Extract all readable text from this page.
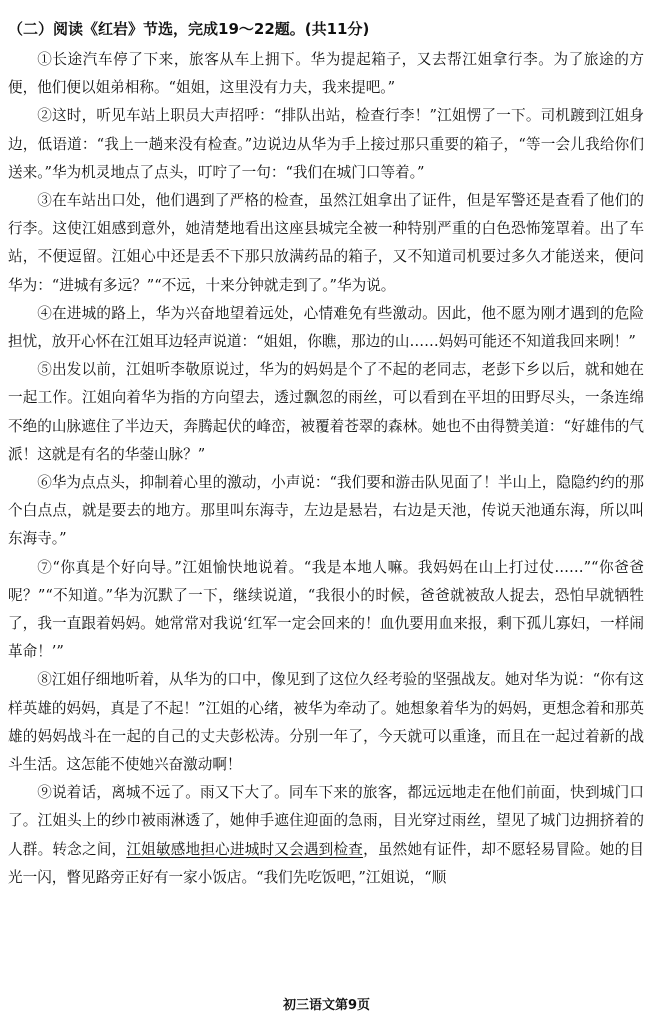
（二）阅读《红岩》节选，完成19～22题。(共11分)

①长途汽车停了下来，旅客从车上拥下。华为提起箱子，又去帮江姐拿行李。为了旅途的方便，他们便以姐弟相称。“姐姐，这里没有力夫，我来提吧。”

②这时，听见车站上职员大声招呼：“排队出站，检查行李！”江姐愣了一下。司机踱到江姐身边，低语道：“我上一趟来没有检查。”边说边从华为手上接过那只重要的箱子，“等一会儿我给你们送来。”华为机灵地点了点头，叮咛了一句：“我们在城门口等着。”

③在车站出口处，他们遇到了严格的检查，虽然江姐拿出了证件，但是军警还是查看了他们的行李。这使江姐感到意外，她清楚地看出这座县城完全被一种特别严重的白色恐怖笼罩着。出了车站，不便逗留。江姐心中还是丢不下那只放满药品的箱子，又不知道司机要过多久才能送来，便问华为：“进城有多远？”“不远，十来分钟就走到了。”华为说。

④在进城的路上，华为兴奋地望着远处，心情难免有些激动。因此，他不愿为刚才遇到的危险担忧，放开心怀在江姐耳边轻声说道：“姐姐，你瞧，那边的山……妈妈可能还不知道我回来咧！”

⑤出发以前，江姐听李敬原说过，华为的妈妈是个了不起的老同志，老彭下乡以后，就和她在一起工作。江姐向着华为指的方向望去，透过飘忽的雨丝，可以看到在平坦的田野尽头，一条连绵不绝的山脉遮住了半边天，奔腾起伏的峰峦，被覆着苍翠的森林。她也不由得赞美道：“好雄伟的气派！这就是有名的华蓥山脉？”

⑥华为点点头，抑制着心里的激动，小声说：“我们要和游击队见面了！半山上，隐隐约约的那个白点点，就是要去的地方。那里叫东海寺，左边是悬岩，右边是天池，传说天池通东海，所以叫东海寺。”

⑦“你真是个好向导。”江姐愉快地说着。“我是本地人嘛。我妈妈在山上打过仗……”“你爸爸呢？”“不知道。”华为沉默了一下，继续说道，“我很小的时候，爸爸就被敌人捉去，恐怕早就牺牲了，我一直跟着妈妈。她常常对我说‘红军一定会回来的！血仇要用血来报，剩下孤儿寡妇，一样闹革命！’”

⑧江姐仔细地听着，从华为的口中，像见到了这位久经考验的坚强战友。她对华为说：“你有这样英雄的妈妈，真是了不起！”江姐的心绪，被华为牵动了。她想象着华为的妈妈，更想念着和那英雄的妈妈战斗在一起的自己的丈夫彭松涛。分别一年了，今天就可以重逢，而且在一起过着新的战斗生活。这怎能不使她兴奋激动啊！

⑨说着话，离城不远了。雨又下大了。同车下来的旅客，都远远地走在他们前面，快到城门口了。江姐头上的纱巾被雨淋透了，她伸手遮住迎面的急雨，目光穿过雨丝，望见了城门边拥挤着的人群。转念之间，江姐敏感地担心进城时又会遇到检查，虽然她有证件，却不愿轻易冒险。她的目光一闪，瞥见路旁正好有一家小饭店。“我们先吃饭吧，”江姐说，“顺

初三语文第9页
